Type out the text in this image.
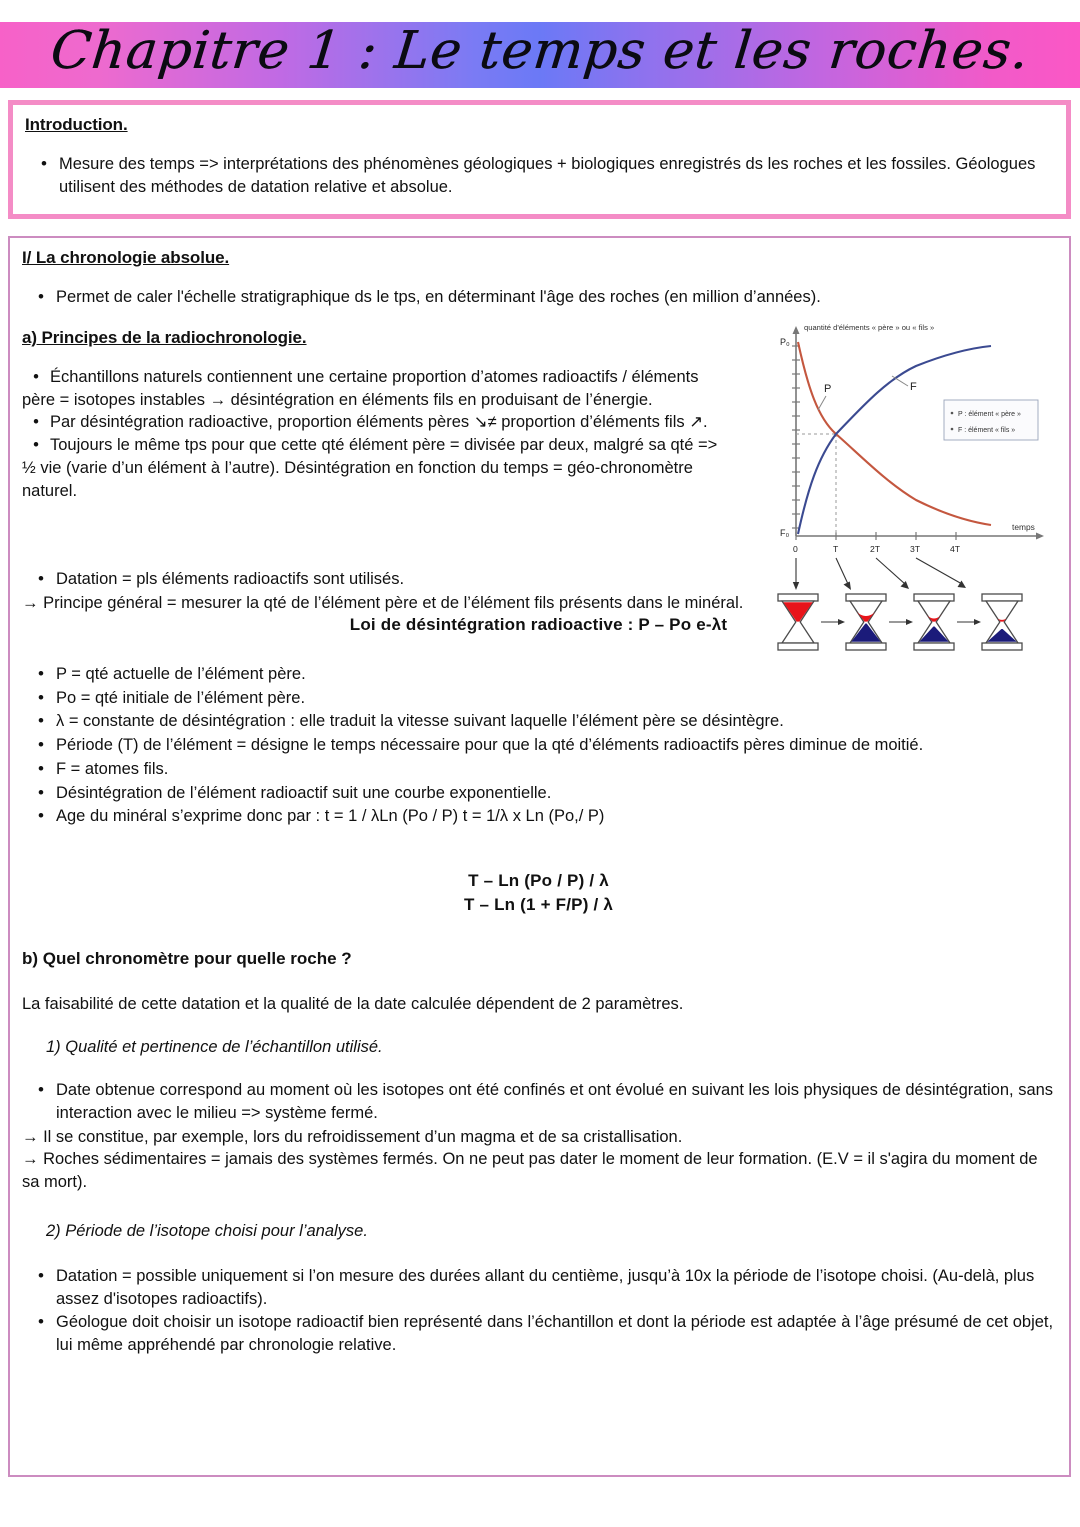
Chapitre 1 : Le temps et les roches.
Introduction.
• Mesure des temps => interprétations des phénomènes géologiques + biologiques enregistrés ds les roches et les fossiles. Géologues utilisent des méthodes de datation relative et absolue.
I/ La chronologie absolue.
• Permet de caler l'échelle stratigraphique ds le tps, en déterminant l'âge des roches (en million d’années).
a) Principes de la radiochronologie.

• Échantillons naturels contiennent une certaine proportion d’atomes radioactifs / éléments père = isotopes instables → désintégration en éléments fils en produisant de l’énergie.

• Par désintégration radioactive, proportion éléments pères ↘≠ proportion d’éléments fils ↗.

• Toujours le même tps pour que cette qté élément père = divisée par deux, malgré sa qté => ½ vie (varie d’un élément à l’autre). Désintégration en fonction du temps = géo-chronomètre naturel.

• Datation = pls éléments radioactifs sont utilisés.

→ Principe général = mesurer la qté de l’élément père et de l’élément fils présents dans le minéral.

Loi de désintégration radioactive : P – Po e-λt

• P = qté actuelle de l’élément père.
• Po = qté initiale de l’élément père.
• λ = constante de désintégration : elle traduit la vitesse suivant laquelle l’élément père se désintègre.
• Période (T) de l’élément = désigne le temps nécessaire pour que la qté d’éléments radioactifs pères diminue de moitié.
• F = atomes fils.
• Désintégration de l’élément radioactif suit une courbe exponentielle.
• Age du minéral s’exprime donc par : t = 1 / λLn (Po / P) t = 1/λ x Ln (Po,/ P)

T – Ln (Po / P) / λ

T – Ln (1 + F/P) / λ

b) Quel chronomètre pour quelle roche ?

La faisabilité de cette datation et la qualité de la date calculée dépendent de 2 paramètres.

1) Qualité et pertinence de l’échantillon utilisé.

• Date obtenue correspond au moment où les isotopes ont été confinés et ont évolué en suivant les lois physiques de désintégration, sans interaction avec le milieu => système fermé.

→ Il se constitue, par exemple, lors du refroidissement d’un magma et de sa cristallisation.

→ Roches sédimentaires = jamais des systèmes fermés. On ne peut pas dater le moment de leur formation. (E.V = il s'agira du moment de sa mort).

2) Période de l’isotope choisi pour l’analyse.

• Datation = possible uniquement si l’on mesure des durées allant du centième, jusqu’à 10x la période de l’isotope choisi. (Au-delà, plus assez d'isotopes radioactifs).
• Géologue doit choisir un isotope radioactif bien représenté dans l’échantillon et dont la période est adaptée à l’âge présumé de cet objet, lui même appréhendé par chronologie relative.
quantité d'éléments « père » ou « fils »
temps
P₀
F₀
0	T	2T	3T	4T
P	F
P : élément « père »
F : élément « fils »
